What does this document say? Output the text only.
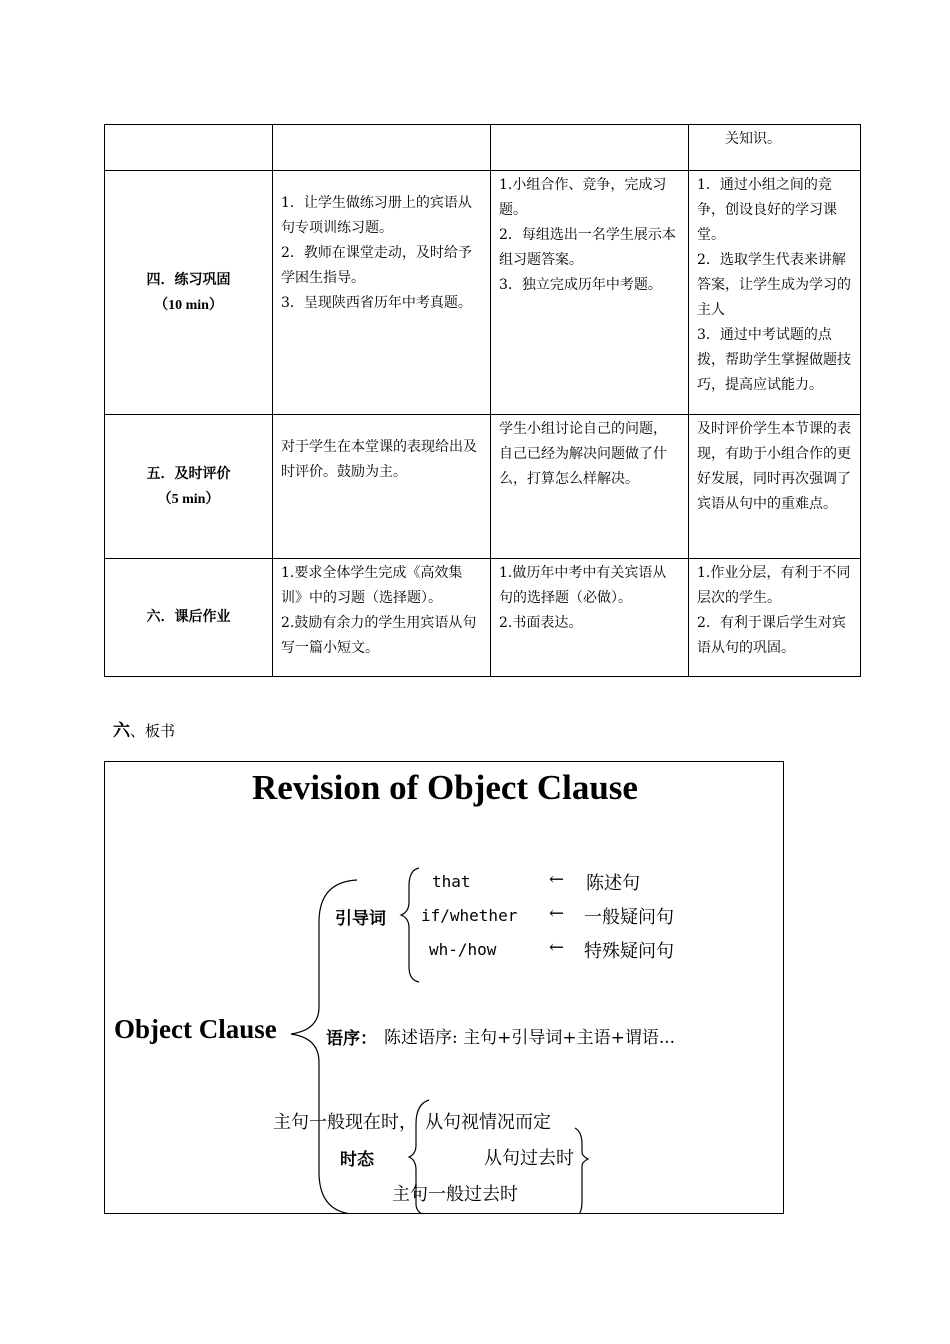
			关知识。

四．练习巩固
（10 min）	1．让学生做练习册上的宾语从句专项训练习题。
2．教师在课堂走动，及时给予学困生指导。
3．呈现陕西省历年中考真题。	1.小组合作、竞争，完成习题。
2．每组选出一名学生展示本组习题答案。
3．独立完成历年中考题。	1．通过小组之间的竞争，创设良好的学习课堂。
2．选取学生代表来讲解答案，让学生成为学习的主人
3．通过中考试题的点拨，帮助学生掌握做题技巧，提高应试能力。

五．及时评价
（5 min）	对于学生在本堂课的表现给出及时评价。鼓励为主。	学生小组讨论自己的问题，自己已经为解决问题做了什么，打算怎么样解决。	及时评价学生本节课的表现，有助于小组合作的更好发展，同时再次强调了宾语从句中的重难点。

六．课后作业	1.要求全体学生完成《高效集训》中的习题（选择题）。
2.鼓励有余力的学生用宾语从句写一篇小短文。	1.做历年中考中有关宾语从句的选择题（必做）。
2.书面表达。	1.作业分层，有利于不同层次的学生。
2．有利于课后学生对宾语从句的巩固。
六、板书
Revision of Object Clause
that	← 陈述句
引导词 if/whether ← 一般疑问句
wh-/how	← 特殊疑问句
Object Clause	语序： 陈述语序: 主句+引导词+主语+谓语...
主句一般现在时， 从句视情况而定
时态	从句过去时
主句一般过去时
